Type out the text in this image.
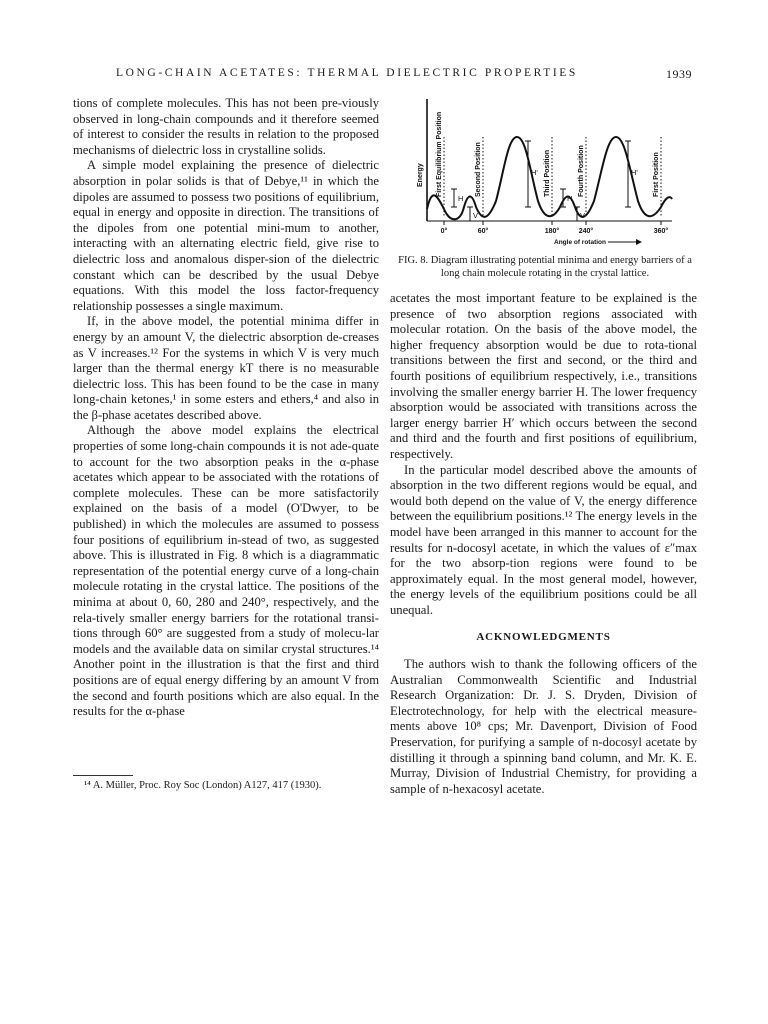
LONG-CHAIN ACETATES: THERMAL DIELECTRIC PROPERTIES	1939

tions of complete molecules. This has not been pre-viously observed in long-chain compounds and it therefore seemed of interest to consider the results in relation to the proposed mechanisms of dielectric loss in crystalline solids.

A simple model explaining the presence of dielectric absorption in polar solids is that of Debye,¹¹ in which the dipoles are assumed to possess two positions of equilibrium, equal in energy and opposite in direction. The transitions of the dipoles from one potential mini-mum to another, interacting with an alternating electric field, give rise to dielectric loss and anomalous disper-sion of the dielectric constant which can be described by the usual Debye equations. With this model the loss factor-frequency relationship possesses a single maximum.

If, in the above model, the potential minima differ in energy by an amount V, the dielectric absorption de-creases as V increases.¹² For the systems in which V is very much larger than the thermal energy kT there is no measurable dielectric loss. This has been found to be the case in many long-chain ketones,¹ in some esters and ethers,⁴ and also in the β-phase acetates described above.

Although the above model explains the electrical properties of some long-chain compounds it is not ade-quate to account for the two absorption peaks in the α-phase acetates which appear to be associated with the rotations of complete molecules. These can be more satisfactorily explained on the basis of a model (O'Dwyer, to be published) in which the molecules are assumed to possess four positions of equilibrium in-stead of two, as suggested above. This is illustrated in Fig. 8 which is a diagrammatic representation of the potential energy curve of a long-chain molecule rotating in the crystal lattice. The positions of the minima at about 0, 60, 280 and 240°, respectively, and the rela-tively smaller energy barriers for the rotational transi-tions through 60° are suggested from a study of molecu-lar models and the available data on similar crystal structures.¹⁴ Another point in the illustration is that the first and third positions are of equal energy differing by an amount V from the second and fourth positions which are also equal. In the results for the α-phase

¹⁴ A. Müller, Proc. Roy Soc (London) A127, 417 (1930).
H
V
H'
H
V
H'
Energy First Equilibrium Position	Second Position	Third Position	Fourth Position	First Position
0°	60°	180°	240°	360°
Angle of rotation
FIG. 8. Diagram illustrating potential minima and energy barriers of a long chain molecule rotating in the crystal lattice.

acetates the most important feature to be explained is the presence of two absorption regions associated with molecular rotation. On the basis of the above model, the higher frequency absorption would be due to rota-tional transitions between the first and second, or the third and fourth positions of equilibrium respectively, i.e., transitions involving the smaller energy barrier H. The lower frequency absorption would be associated with transitions across the larger energy barrier H′ which occurs between the second and third and the fourth and first positions of equilibrium, respectively.

In the particular model described above the amounts of absorption in the two different regions would be equal, and would both depend on the value of V, the energy difference between the equilibrium positions.¹² The energy levels in the model have been arranged in this manner to account for the results for n-docosyl acetate, in which the values of ε″max for the two absorp-tion regions were found to be approximately equal. In the most general model, however, the energy levels of the equilibrium positions could be all unequal.

ACKNOWLEDGMENTS

The authors wish to thank the following officers of the Australian Commonwealth Scientific and Industrial Research Organization: Dr. J. S. Dryden, Division of Electrotechnology, for help with the electrical measure-ments above 10⁸ cps; Mr. Davenport, Division of Food Preservation, for purifying a sample of n-docosyl acetate by distilling it through a spinning band column, and Mr. K. E. Murray, Division of Industrial Chemistry, for providing a sample of n-hexacosyl acetate.
